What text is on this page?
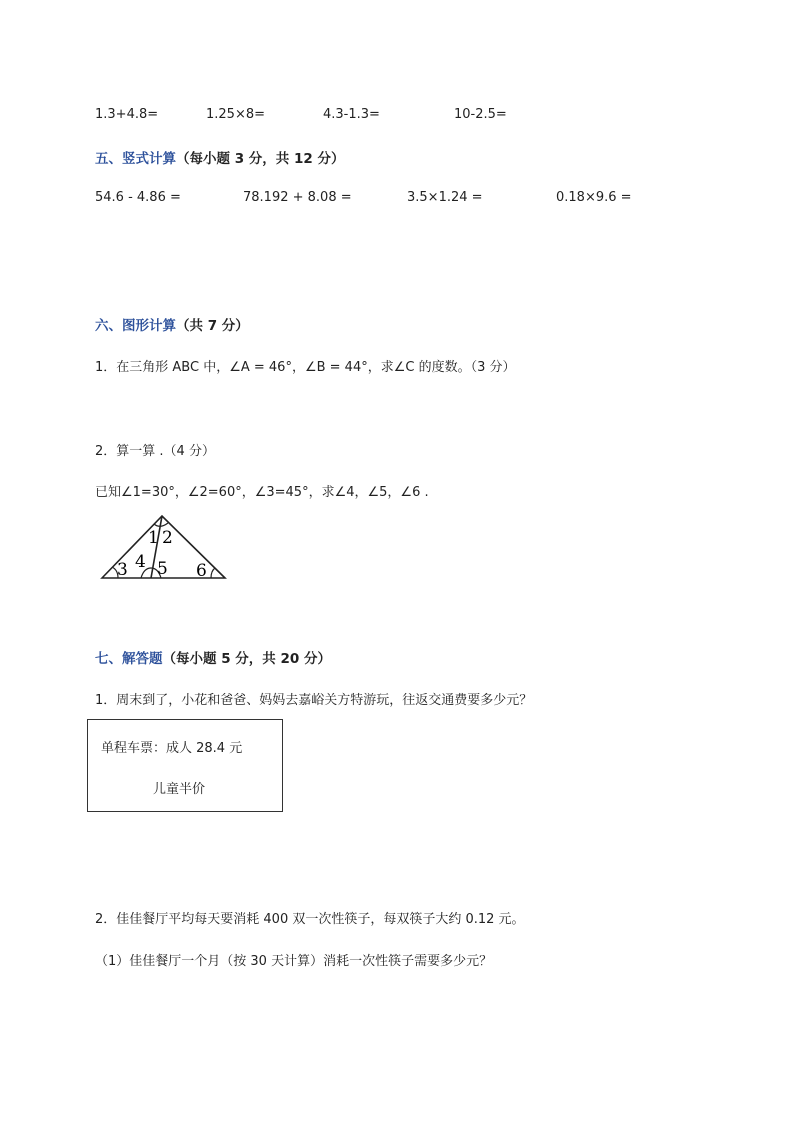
1.3+4.8=	1.25×8=	4.3-1.3=	10-2.5=
五、竖式计算（每小题 3 分，共 12 分）
54.6 - 4.86 =	78.192 + 8.08 =	3.5×1.24 =	0.18×9.6 =
六、图形计算（共 7 分）
1．在三角形 ABC 中，∠A = 46°，∠B = 44°，求∠C 的度数。（3 分）
2．算一算 .（4 分）
已知∠1=30°，∠2=60°，∠3=45°，求∠4，∠5，∠6 .
1 2
3 4 5 6
七、解答题（每小题 5 分，共 20 分）
1．周末到了，小花和爸爸、妈妈去嘉峪关方特游玩，往返交通费要多少元？
单程车票：成人 28.4 元
儿童半价
2．佳佳餐厅平均每天要消耗 400 双一次性筷子，每双筷子大约 0.12 元。
（1）佳佳餐厅一个月（按 30 天计算）消耗一次性筷子需要多少元？
